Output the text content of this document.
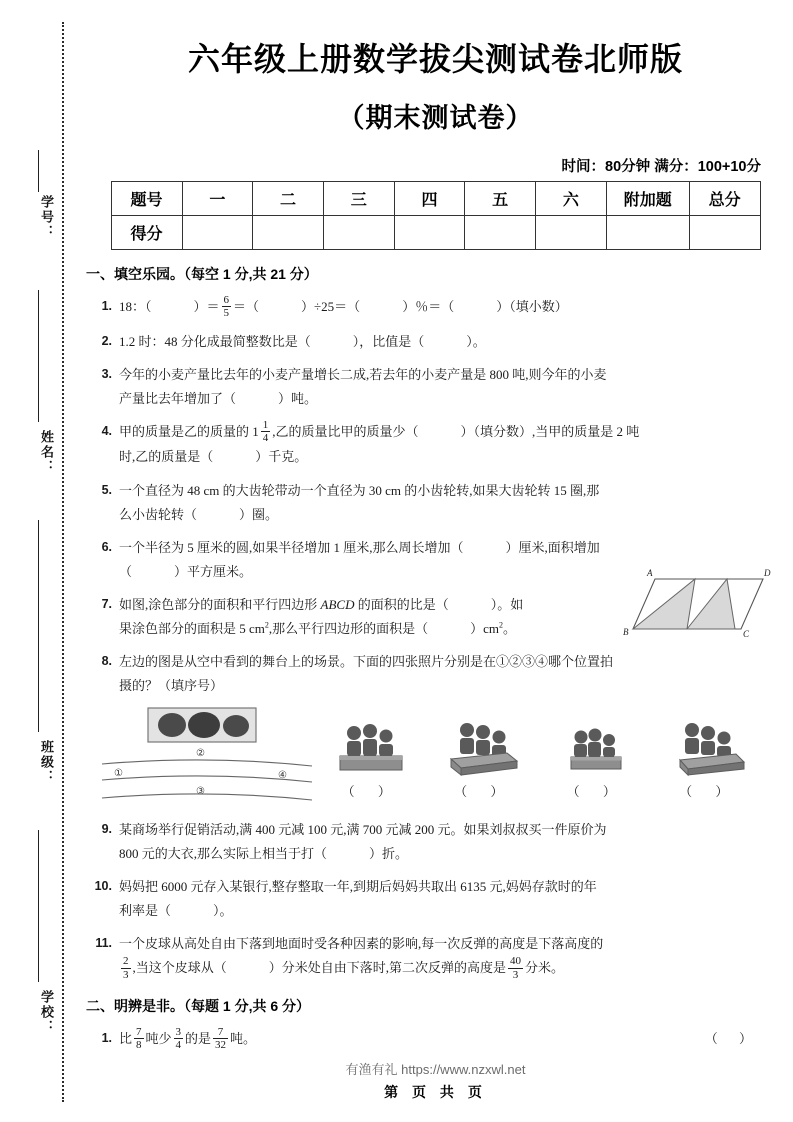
学号：
姓名：
班级：
学校：
六年级上册数学拔尖测试卷北师版
（期末测试卷）
时间：80分钟 满分：100+10分
题号	一	二	三	四	五	六	附加题	总分
得分								
一、填空乐园。（每空 1 分,共 21 分）
1. 18：（	）＝ $\frac{6}{5}$ ＝（	）÷25＝（	）％＝（	）（填小数）
2. 1.2 时：48 分化成最简整数比是（	），比值是（	）。
3. 今年的小麦产量比去年的小麦产量增长二成,若去年的小麦产量是 800 吨,则今年的小麦
产量比去年增加了（	）吨。
4. 甲的质量是乙的质量的 $1 \frac{1}{4}$ ,乙的质量比甲的质量少（	）（填分数）,当甲的质量是 2 吨
时,乙的质量是（	）千克。
5. 一个直径为 48 cm 的大齿轮带动一个直径为 30 cm 的小齿轮转,如果大齿轮转 15 圈,那
么小齿轮转（	）圈。
6. 一个半径为 5 厘米的圆,如果半径增加 1 厘米,那么周长增加（	）厘米,面积增加
（	）平方厘米。
7. 如图,涂色部分的面积和平行四边形 ABCD 的面积的比是（	）。如
果涂色部分的面积是 5 $cm^2$,那么平行四边形的面积是（	）$cm^2$。
A	D
B	C
8. 左边的图是从空中看到的舞台上的场景。下面的四张照片分别是在①②③④哪个位置拍
摄的？（填序号）
②
①	④
③	（ ）	（ ）	（ ）	（ ）
9. 某商场举行促销活动,满 400 元减 100 元,满 700 元减 200 元。如果刘叔叔买一件原价为
800 元的大衣,那么实际上相当于打（	）折。
10. 妈妈把 6000 元存入某银行,整存整取一年,到期后妈妈共取出 6135 元,妈妈存款时的年
利率是（	）。
11. 一个皮球从高处自由下落到地面时受各种因素的影响,每一次反弹的高度是下落高度的
$\frac{2}{3}$ ,当这个皮球从（	）分米处自由下落时,第二次反弹的高度是 $\frac{40}{3}$ 分米。
二、明辨是非。（每题 1 分,共 6 分）
1. 比 $\frac{7}{8}$ 吨少 $\frac{3}{4}$ 的是 $\frac{7}{32}$ 吨。	（ ）
有渔有礼 https://www.nzxwl.net
第 页 共 页
